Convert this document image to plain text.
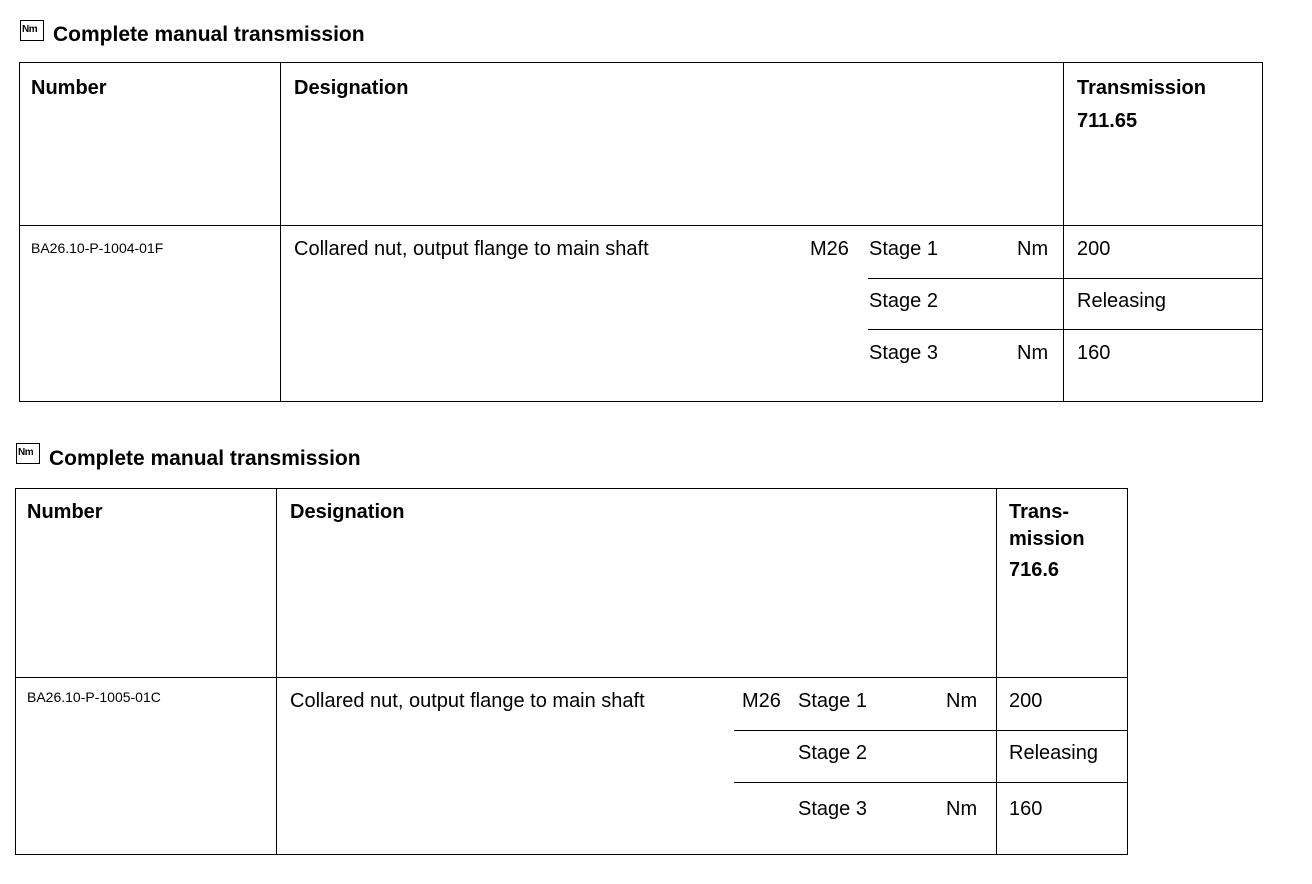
Nm Complete manual transmission
Number	Designation	Transmission
711.65
BA26.10-P-1004-01F	Collared nut, output flange to main shaft	M26 Stage 1	Nm 200
Stage 2	Releasing
Stage 3	Nm 160
Nm Complete manual transmission
Number	Designation	Trans-
mission
716.6
BA26.10-P-1005-01C	Collared nut, output flange to main shaft	M26 Stage 1	Nm 200
Stage 2	Releasing
Stage 3	Nm 160
